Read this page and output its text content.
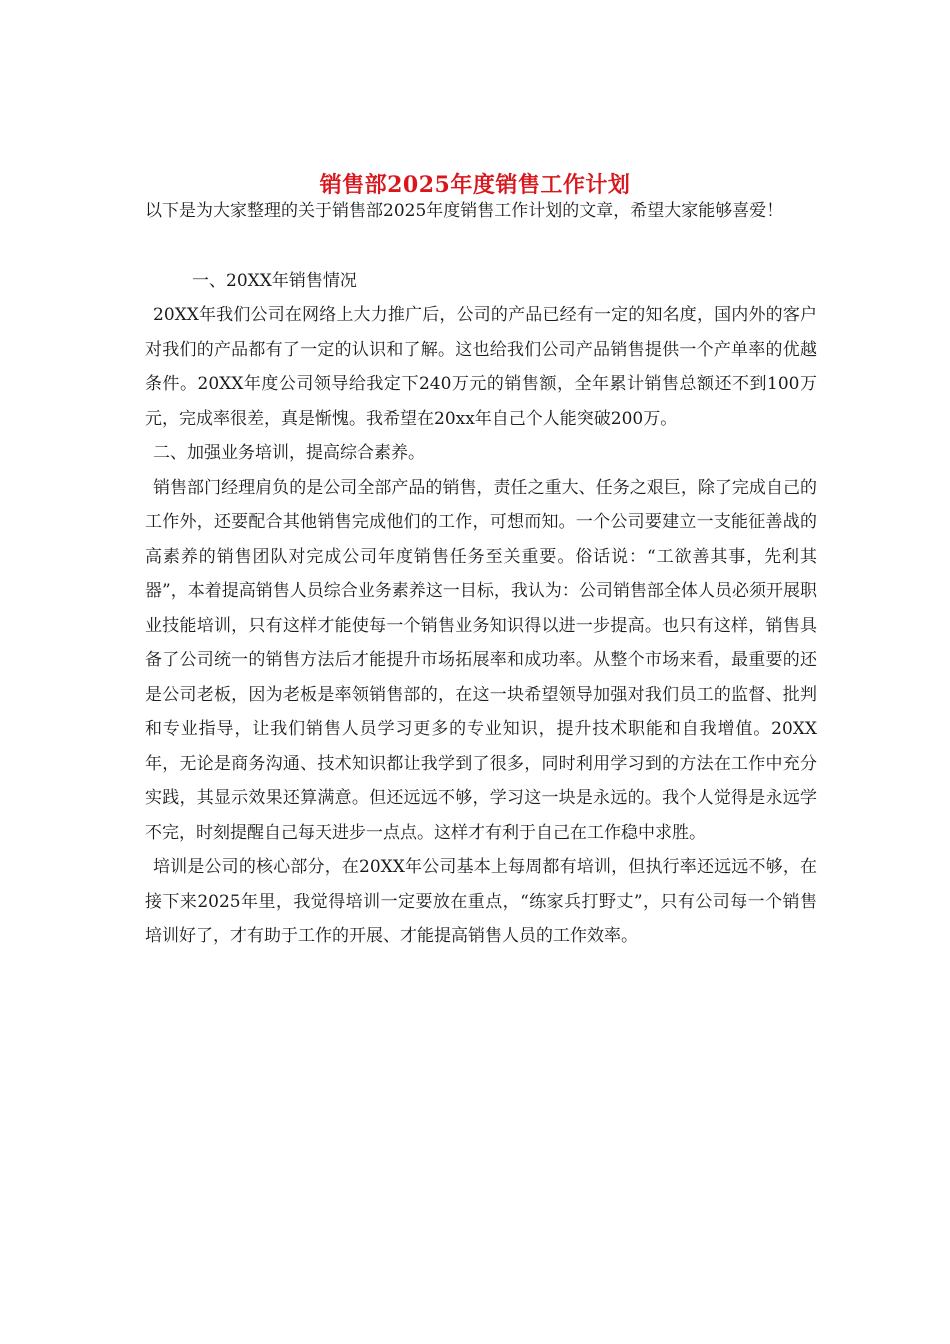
销售部2025年度销售工作计划

以下是为大家整理的关于销售部2025年度销售工作计划的文章，希望大家能够喜爱！

一、20XX年销售情况

20XX年我们公司在网络上大力推广后，公司的产品已经有一定的知名度，国内外的客户对我们的产品都有了一定的认识和了解。这也给我们公司产品销售提供一个产单率的优越条件。20XX年度公司领导给我定下240万元的销售额，全年累计销售总额还不到100万元，完成率很差，真是惭愧。我希望在20xx年自己个人能突破200万。

二、加强业务培训，提高综合素养。

销售部门经理肩负的是公司全部产品的销售，责任之重大、任务之艰巨，除了完成自己的工作外，还要配合其他销售完成他们的工作，可想而知。一个公司要建立一支能征善战的高素养的销售团队对完成公司年度销售任务至关重要。俗话说：“工欲善其事，先利其器”，本着提高销售人员综合业务素养这一目标，我认为：公司销售部全体人员必须开展职业技能培训，只有这样才能使每一个销售业务知识得以进一步提高。也只有这样，销售具备了公司统一的销售方法后才能提升市场拓展率和成功率。从整个市场来看，最重要的还是公司老板，因为老板是率领销售部的，在这一块希望领导加强对我们员工的监督、批判和专业指导，让我们销售人员学习更多的专业知识，提升技术职能和自我增值。20XX年，无论是商务沟通、技术知识都让我学到了很多，同时利用学习到的方法在工作中充分实践，其显示效果还算满意。但还远远不够，学习这一块是永远的。我个人觉得是永远学不完，时刻提醒自己每天进步一点点。这样才有利于自己在工作稳中求胜。

培训是公司的核心部分，在20XX年公司基本上每周都有培训，但执行率还远远不够，在接下来2025年里，我觉得培训一定要放在重点，“练家兵打野丈”，只有公司每一个销售培训好了，才有助于工作的开展、才能提高销售人员的工作效率。
